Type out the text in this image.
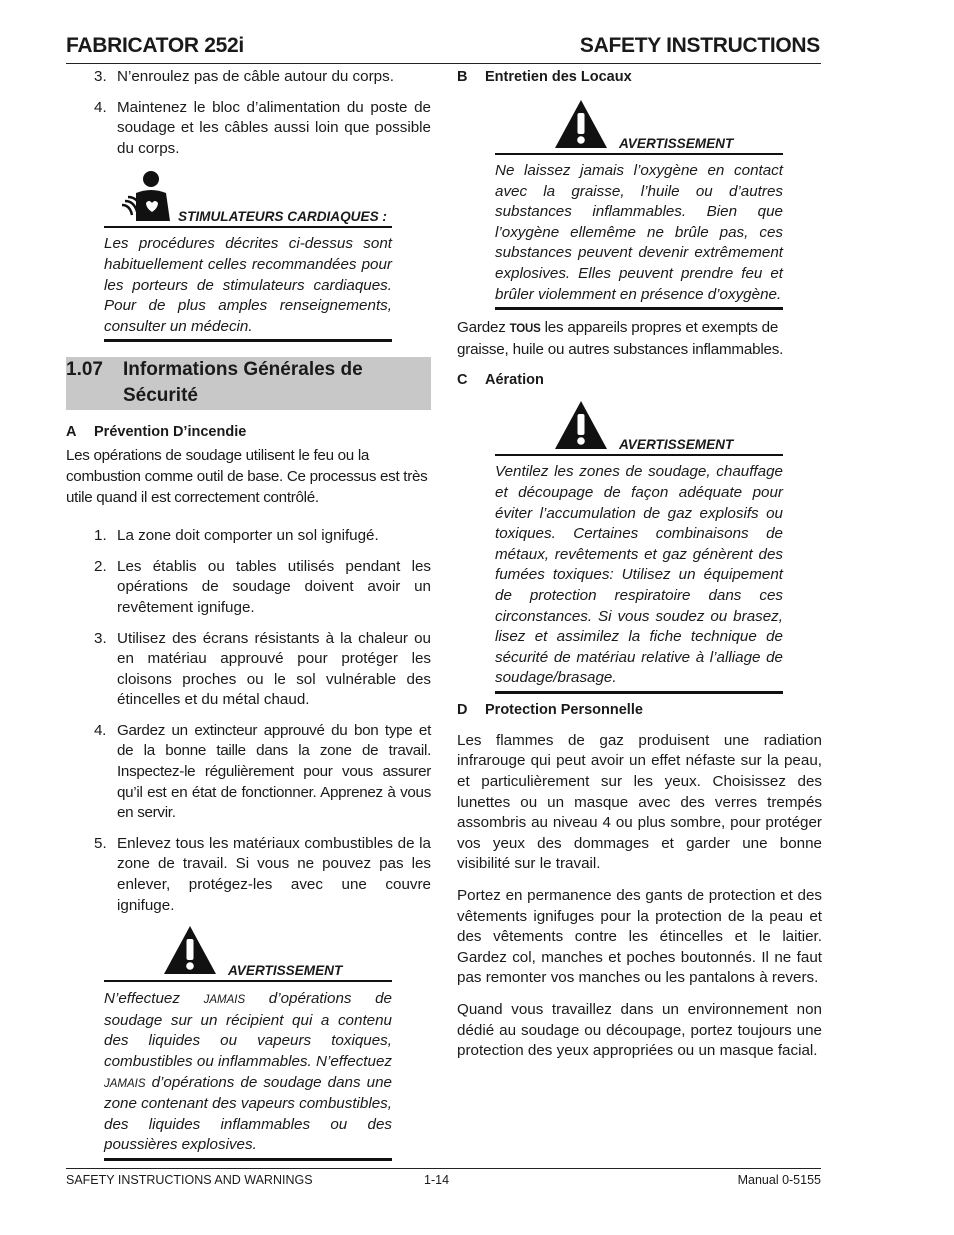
FABRICATOR 252i	SAFETY INSTRUCTIONS
3. N’enroulez pas de câble autour du corps.
4. Maintenez le bloc d’alimentation du poste de soudage et les câbles aussi loin que possible du corps.
STIMULATEURS CARDIAQUES :
Les procédures décrites ci-dessus sont habituellement celles recommandées pour les porteurs de stimulateurs cardiaques. Pour de plus amples renseignements, consulter un médecin.
1.07 Informations Générales de
Sécurité
A Prévention D’incendie

Les opérations de soudage utilisent le feu ou la combustion comme outil de base. Ce processus est très utile quand il est correctement contrôlé.

1. La zone doit comporter un sol ignifugé.
2. Les établis ou tables utilisés pendant les opérations de soudage doivent avoir un revêtement ignifuge.
3. Utilisez des écrans résistants à la chaleur ou en matériau approuvé pour protéger les cloisons proches ou le sol vulnérable des étincelles et du métal chaud.
4. Gardez un extincteur approuvé du bon type et de la bonne taille dans la zone de travail. Inspectez-le régulièrement pour vous assurer qu’il est en état de fonctionner. Apprenez à vous en servir.
5. Enlevez tous les matériaux combustibles de la zone de travail. Si vous ne pouvez pas les enlever, protégez-les avec une couvre ignifuge.
AVERTISSEMENT
N’effectuez JAMAIS d’opérations de soudage sur un récipient qui a contenu des liquides ou vapeurs toxiques, combustibles ou inflammables. N’effectuez JAMAIS d’opérations de soudage dans une zone contenant des vapeurs combustibles, des liquides inflammables ou des poussières explosives.
B Entretien des Locaux
AVERTISSEMENT
Ne laissez jamais l’oxygène en contact avec la graisse, l’huile ou d’autres substances inflammables. Bien que l’oxygène ellemême ne brûle pas, ces substances peuvent devenir extrêmement explosives. Elles peuvent prendre feu et brûler violemment en présence d’oxygène.

Gardez TOUS les appareils propres et exempts de graisse, huile ou autres substances inflammables.

C Aération
AVERTISSEMENT
Ventilez les zones de soudage, chauffage et découpage de façon adéquate pour éviter l’accumulation de gaz explosifs ou toxiques. Certaines combinaisons de métaux, revêtements et gaz génèrent des fumées toxiques: Utilisez un équipement de protection respiratoire dans ces circonstances. Si vous soudez ou brasez, lisez et assimilez la fiche technique de sécurité de matériau relative à l’alliage de soudage/brasage.
D Protection Personnelle

Les flammes de gaz produisent une radiation infrarouge qui peut avoir un effet néfaste sur la peau, et particulièrement sur les yeux. Choisissez des lunettes ou un masque avec des verres trempés assombris au niveau 4 ou plus sombre, pour protéger vos yeux des dommages et garder une bonne visibilité sur le travail.

Portez en permanence des gants de protection et des vêtements ignifuges pour la protection de la peau et des vêtements contre les étincelles et le laitier. Gardez col, manches et poches boutonnés. Il ne faut pas remonter vos manches ou les pantalons à revers.

Quand vous travaillez dans un environnement non dédié au soudage ou découpage, portez toujours une protection des yeux appropriées ou un masque facial.

SAFETY INSTRUCTIONS AND WARNINGS	1-14	Manual 0-5155
